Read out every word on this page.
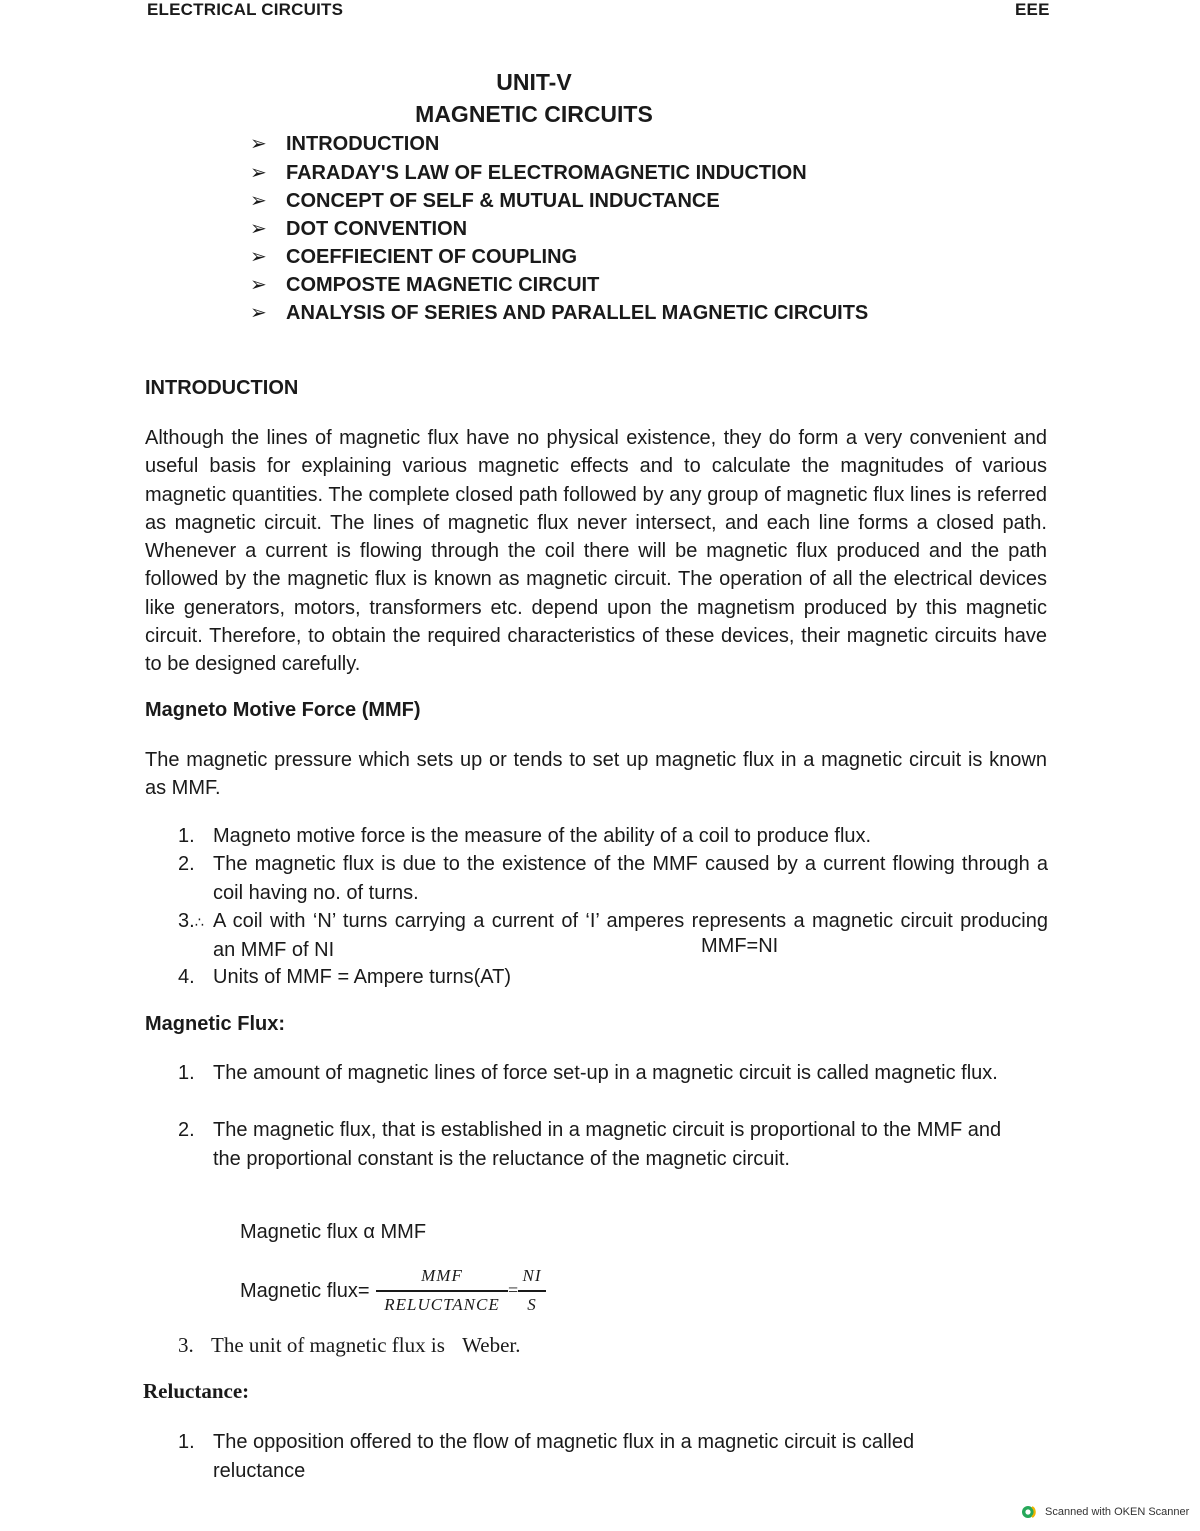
ELECTRICAL CIRCUITS	EEE
UNIT-V
MAGNETIC CIRCUITS
➢ INTRODUCTION
➢ FARADAY'S LAW OF ELECTROMAGNETIC INDUCTION
➢ CONCEPT OF SELF & MUTUAL INDUCTANCE
➢ DOT CONVENTION
➢ COEFFIECIENT OF COUPLING
➢ COMPOSTE MAGNETIC CIRCUIT
➢ ANALYSIS OF SERIES AND PARALLEL MAGNETIC CIRCUITS
INTRODUCTION
Although the lines of magnetic flux have no physical existence, they do form a very convenient and useful basis for explaining various magnetic effects and to calculate the magnitudes of various magnetic quantities. The complete closed path followed by any group of magnetic flux lines is referred as magnetic circuit. The lines of magnetic flux never intersect, and each line forms a closed path. Whenever a current is flowing through the coil there will be magnetic flux produced and the path followed by the magnetic flux is known as magnetic circuit. The operation of all the electrical devices like generators, motors, transformers etc. depend upon the magnetism produced by this magnetic circuit. Therefore, to obtain the required characteristics of these devices, their magnetic circuits have to be designed carefully.
Magneto Motive Force (MMF)
The magnetic pressure which sets up or tends to set up magnetic flux in a magnetic circuit is known as MMF.
1. Magneto motive force is the measure of the ability of a coil to produce flux.
2. The magnetic flux is due to the existence of the MMF caused by a current flowing through a coil having no. of turns.
3.∴ A coil with ‘N’ turns carrying a current of ‘I’ amperes represents a magnetic circuit producing an MMF of NI	MMF=NI
4. Units of MMF = Ampere turns(AT)
Magnetic Flux:
1. The amount of magnetic lines of force set-up in a magnetic circuit is called magnetic flux.
2. The magnetic flux, that is established in a magnetic circuit is proportional to the MMF and the proportional constant is the reluctance of the magnetic circuit.
Magnetic flux α MMF
Magnetic flux=
MMF
RELUCTANCE
=
NI
S
3. The unit of magnetic flux is Weber.
Reluctance:
1. The opposition offered to the flow of magnetic flux in a magnetic circuit is called reluctance
Scanned with OKEN Scanner
